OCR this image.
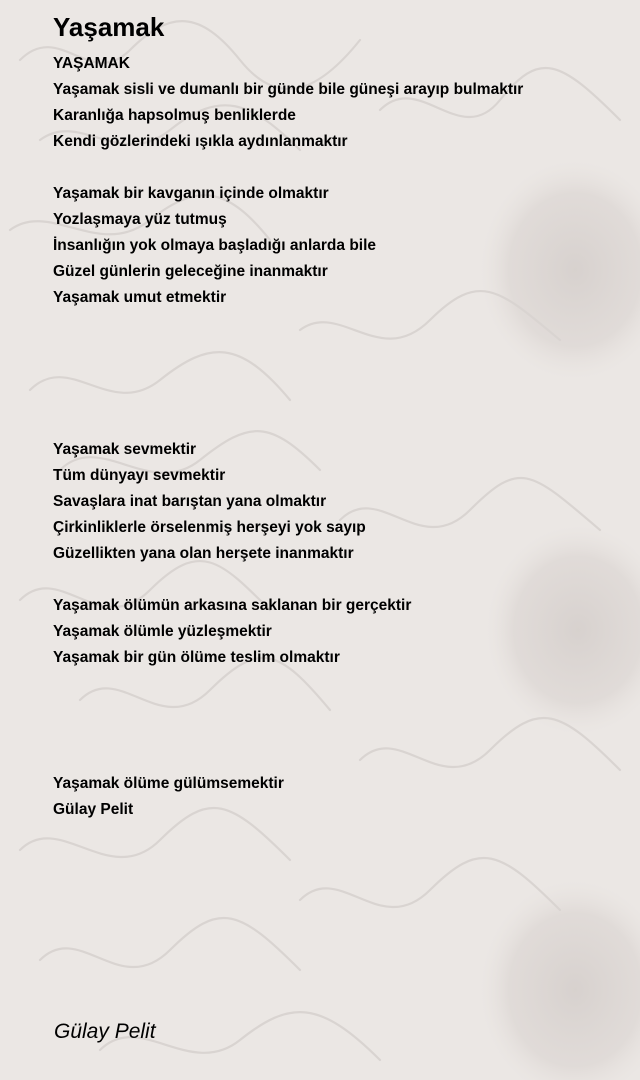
Yaşamak

YAŞAMAK

Yaşamak sisli ve dumanlı bir günde bile güneşi arayıp bulmaktır

Karanlığa hapsolmuş benliklerde

Kendi gözlerindeki ışıkla aydınlanmaktır

Yaşamak bir kavganın içinde olmaktır

Yozlaşmaya yüz tutmuş

İnsanlığın yok olmaya başladığı anlarda bile

Güzel günlerin geleceğine inanmaktır

Yaşamak umut etmektir

Yaşamak sevmektir

Tüm dünyayı sevmektir

Savaşlara inat barıştan yana olmaktır

Çirkinliklerle örselenmiş herşeyi yok sayıp

Güzellikten yana olan herşete inanmaktır

Yaşamak ölümün arkasına saklanan bir gerçektir

Yaşamak ölümle yüzleşmektir

Yaşamak bir gün ölüme teslim olmaktır

Yaşamak ölüme gülümsemektir

Gülay Pelit

Gülay Pelit
